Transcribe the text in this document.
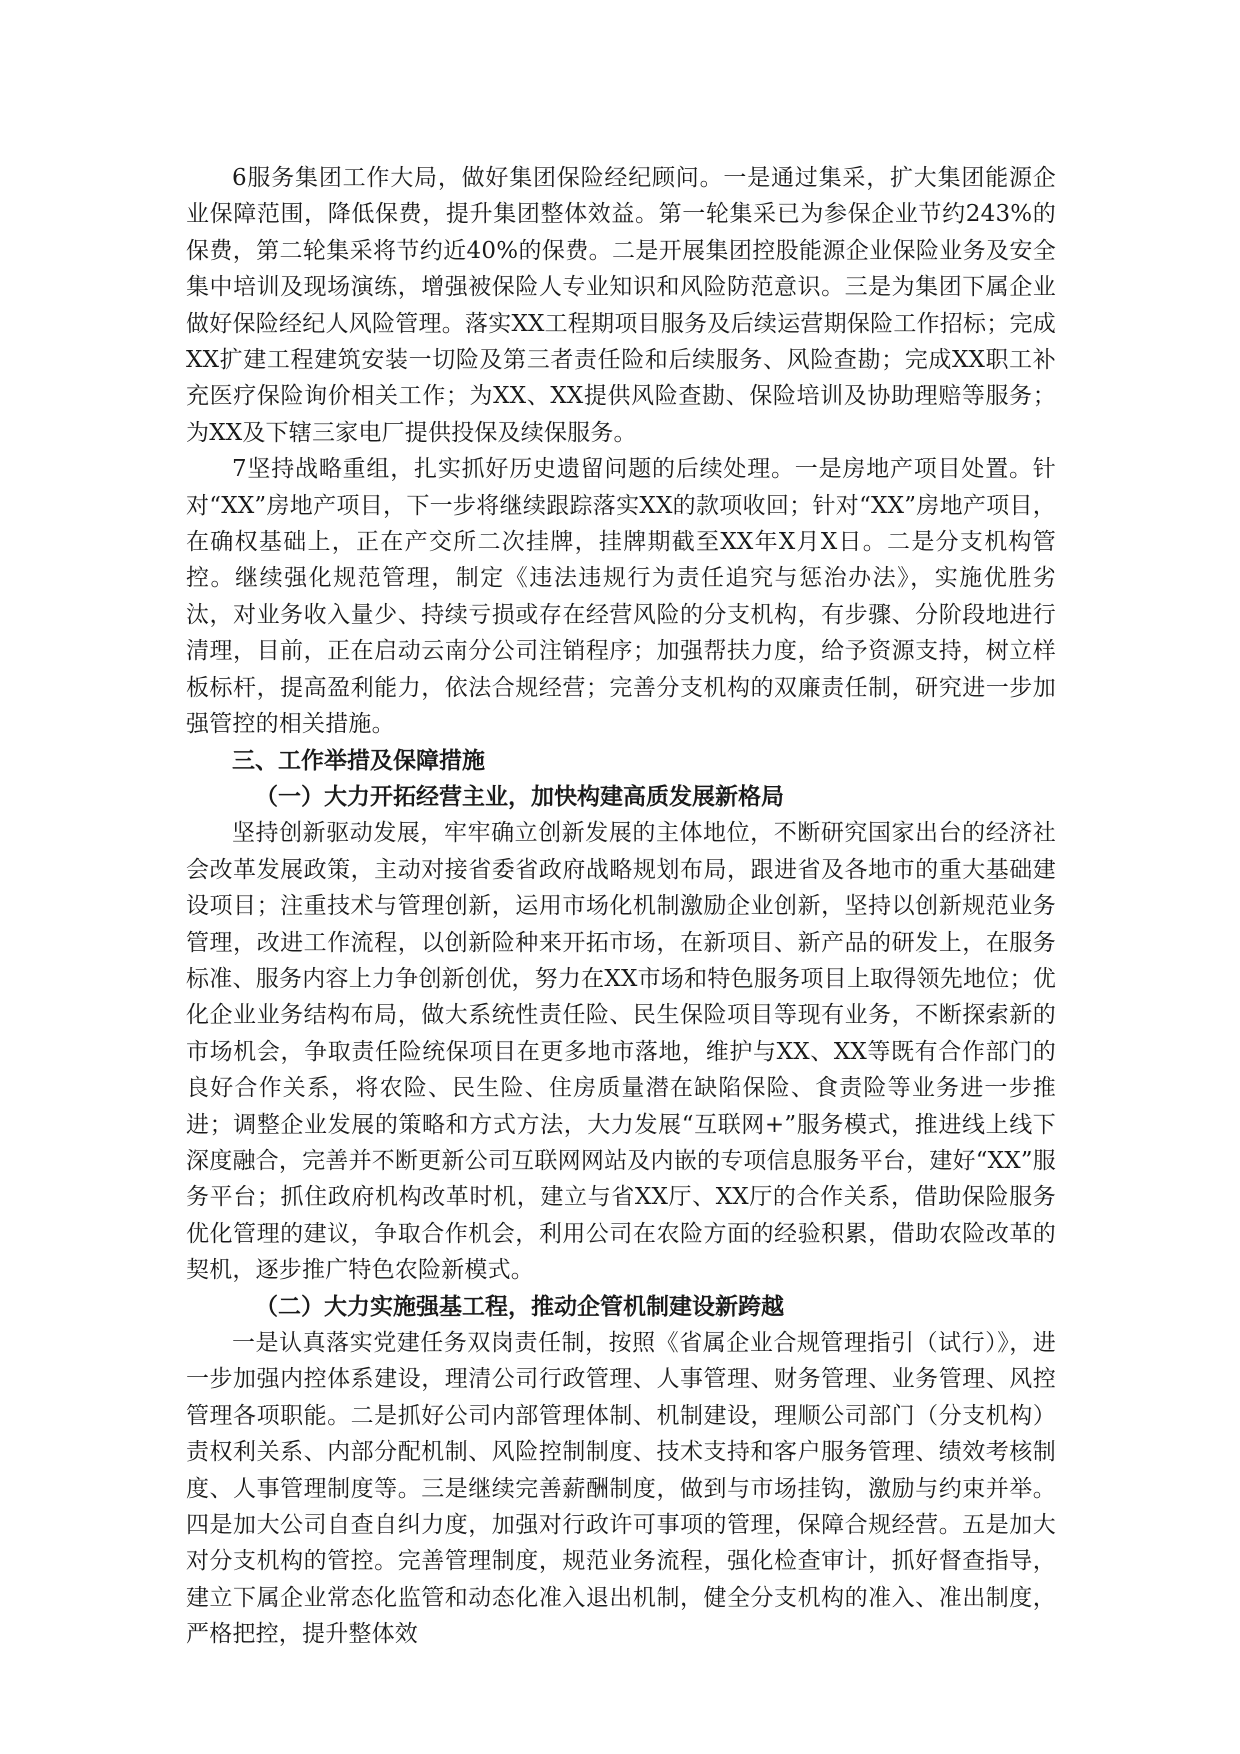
6服务集团工作大局，做好集团保险经纪顾问。一是通过集采，扩大集团能源企业保障范围，降低保费，提升集团整体效益。第一轮集采已为参保企业节约243%的保费，第二轮集采将节约近40%的保费。二是开展集团控股能源企业保险业务及安全集中培训及现场演练，增强被保险人专业知识和风险防范意识。三是为集团下属企业做好保险经纪人风险管理。落实XX工程期项目服务及后续运营期保险工作招标；完成XX扩建工程建筑安装一切险及第三者责任险和后续服务、风险查勘；完成XX职工补充医疗保险询价相关工作；为XX、XX提供风险查勘、保险培训及协助理赔等服务；为XX及下辖三家电厂提供投保及续保服务。

7坚持战略重组，扎实抓好历史遗留问题的后续处理。一是房地产项目处置。针对“XX”房地产项目，下一步将继续跟踪落实XX的款项收回；针对“XX”房地产项目，在确权基础上，正在产交所二次挂牌，挂牌期截至XX年X月X日。二是分支机构管控。继续强化规范管理，制定《违法违规行为责任追究与惩治办法》，实施优胜劣汰，对业务收入量少、持续亏损或存在经营风险的分支机构，有步骤、分阶段地进行清理，目前，正在启动云南分公司注销程序；加强帮扶力度，给予资源支持，树立样板标杆，提高盈利能力，依法合规经营；完善分支机构的双廉责任制，研究进一步加强管控的相关措施。

三、工作举措及保障措施
（一）大力开拓经营主业，加快构建高质发展新格局

坚持创新驱动发展，牢牢确立创新发展的主体地位，不断研究国家出台的经济社会改革发展政策，主动对接省委省政府战略规划布局，跟进省及各地市的重大基础建设项目；注重技术与管理创新，运用市场化机制激励企业创新，坚持以创新规范业务管理，改进工作流程，以创新险种来开拓市场，在新项目、新产品的研发上，在服务标准、服务内容上力争创新创优，努力在XX市场和特色服务项目上取得领先地位；优化企业业务结构布局，做大系统性责任险、民生保险项目等现有业务，不断探索新的市场机会，争取责任险统保项目在更多地市落地，维护与XX、XX等既有合作部门的良好合作关系，将农险、民生险、住房质量潜在缺陷保险、食责险等业务进一步推进；调整企业发展的策略和方式方法，大力发展“互联网+”服务模式，推进线上线下深度融合，完善并不断更新公司互联网网站及内嵌的专项信息服务平台，建好“XX”服务平台；抓住政府机构改革时机，建立与省XX厅、XX厅的合作关系，借助保险服务优化管理的建议，争取合作机会，利用公司在农险方面的经验积累，借助农险改革的契机，逐步推广特色农险新模式。

（二）大力实施强基工程，推动企管机制建设新跨越

一是认真落实党建任务双岗责任制，按照《省属企业合规管理指引（试行）》，进一步加强内控体系建设，理清公司行政管理、人事管理、财务管理、业务管理、风控管理各项职能。二是抓好公司内部管理体制、机制建设，理顺公司部门（分支机构）责权利关系、内部分配机制、风险控制制度、技术支持和客户服务管理、绩效考核制度、人事管理制度等。三是继续完善薪酬制度，做到与市场挂钩，激励与约束并举。四是加大公司自查自纠力度，加强对行政许可事项的管理，保障合规经营。五是加大对分支机构的管控。完善管理制度，规范业务流程，强化检查审计，抓好督查指导，建立下属企业常态化监管和动态化准入退出机制，健全分支机构的准入、准出制度，严格把控，提升整体效
